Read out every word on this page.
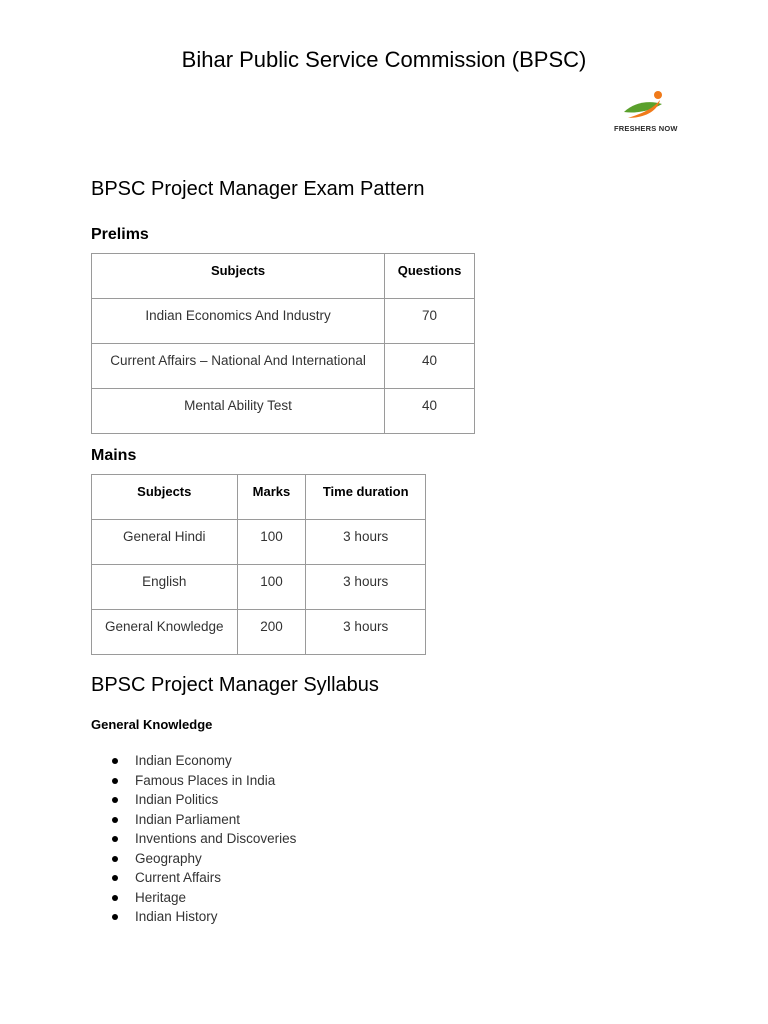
Bihar Public Service Commission (BPSC)
FRESHERS NOW
BPSC Project Manager Exam Pattern
Prelims
Subjects	Questions
Indian Economics And Industry	70
Current Affairs – National And International	40
Mental Ability Test	40
Mains
Subjects	Marks	Time duration
General Hindi	100	3 hours
English	100	3 hours
General Knowledge	200	3 hours
BPSC Project Manager Syllabus
General Knowledge
Indian Economy
Famous Places in India
Indian Politics
Indian Parliament
Inventions and Discoveries
Geography
Current Affairs
Heritage
Indian History
